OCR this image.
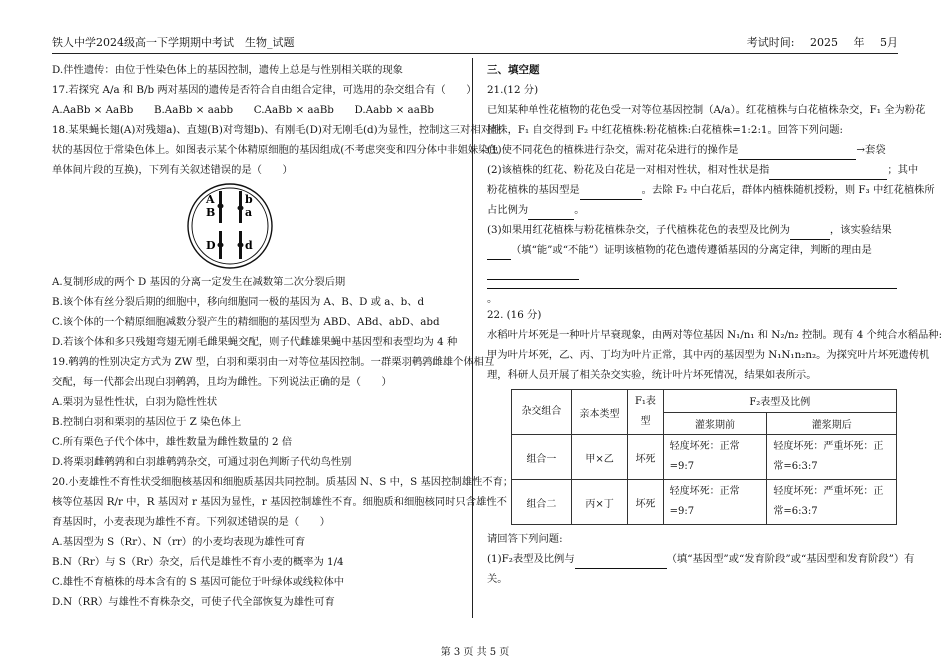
铁人中学2024级高一下学期期中考试　生物_试题	考试时间: 2025 年 5月
D.伴性遗传：由位于性染色体上的基因控制，遗传上总是与性别相关联的现象
17.若探究 A/a 和 B/b 两对基因的遗传是否符合自由组合定律，可选用的杂交组合有（　　）
A.AaBb × AaBb　　B.AaBb × aabb　　C.AaBb × aaBb　　D.Aabb × aaBb
18.某果蝇长翅(A)对残翅a)、直翅(B)对弯翅b)、有刚毛(D)对无刚毛(d)为显性，控制这三对相对性
状的基因位于常染色体上。如图表示某个体精原细胞的基因组成(不考虑突变和四分体中非姐妹染色
单体间片段的互换)，下列有关叙述错误的是（　　）
A	b
B	a
D	d
A.复制形成的两个 D 基因的分离一定发生在减数第二次分裂后期
B.该个体有丝分裂后期的细胞中，移向细胞同一极的基因为 A、B、D 或 a、b、d
C.该个体的一个精原细胞减数分裂产生的精细胞的基因型为 ABD、ABd、abD、abd
D.若该个体和多只残翅弯翅无刚毛雌果蝇交配，则子代雌雄果蝇中基因型和表型均为 4 种
19.鹌鹑的性别决定方式为 ZW 型，白羽和栗羽由一对等位基因控制。一群栗羽鹌鹑雌雄个体相互
交配，每一代都会出现白羽鹌鹑，且均为雌性。下列说法正确的是（　　）
A.栗羽为显性性状，白羽为隐性性状
B.控制白羽和栗羽的基因位于 Z 染色体上
C.所有栗色子代个体中，雄性数量为雌性数量的 2 倍
D.将栗羽雌鹌鹑和白羽雄鹌鹑杂交，可通过羽色判断子代幼鸟性别
20.小麦雄性不育性状受细胞核基因和细胞质基因共同控制。质基因 N、S 中，S 基因控制雄性不育；
核等位基因 R/r 中，R 基因对 r 基因为显性，r 基因控制雄性不育。细胞质和细胞核同时只含雄性不
育基因时，小麦表现为雄性不育。下列叙述错误的是（　　）
A.基因型为 S（Rr）、N（rr）的小麦均表现为雄性可育
B.N（Rr）与 S（Rr）杂交，后代是雄性不育小麦的概率为 1/4
C.雄性不育植株的母本含有的 S 基因可能位于叶绿体或线粒体中
D.N（RR）与雄性不育株杂交，可使子代全部恢复为雄性可育
三、填空题
21.(12 分)
已知某种单性花植物的花色受一对等位基因控制（A/a）。红花植株与白花植株杂交，F₁ 全为粉花
植株，F₁ 自交得到 F₂ 中红花植株:粉花植株:白花植株=1:2:1。回答下列问题:
(1)使不同花色的植株进行杂交，需对花朵进行的操作是	→套袋
(2)该植株的红花、粉花及白花是一对相对性状，相对性状是指	；其中
粉花植株的基因型是	。去除 F₂ 中白花后，群体内植株随机授粉，则 F₃ 中红花植株所
占比例为	。
(3)如果用红花植株与粉花植株杂交，子代植株花色的表型及比例为	，该实验结果
（填“能”或“不能”）证明该植物的花色遗传遵循基因的分离定律，判断的理由是
。
22. (16 分)
水稻叶片坏死是一种叶片早衰现象，由两对等位基因 N₁/n₁ 和 N₂/n₂ 控制。现有 4 个纯合水稻品种:
甲为叶片坏死，乙、丙、丁均为叶片正常，其中丙的基因型为 N₁N₁n₂n₂。为探究叶片坏死遗传机
理，科研人员开展了相关杂交实验，统计叶片坏死情况，结果如表所示。
杂交组合	亲本类型	F₁表型	F₂表型及比例	
			灌浆期前	灌浆期后
组合一	甲×乙	坏死	轻度坏死：正常=9:7	轻度坏死：严重坏死：正常=6:3:7

组合二	丙×丁	坏死	轻度坏死：正常=9:7	轻度坏死：严重坏死：正常=6:3:7
请回答下列问题:
(1)F₂表型及比例与	（填“基因型”或“发育阶段”或“基因型和发育阶段”）有
关。
第 3 页 共 5 页
